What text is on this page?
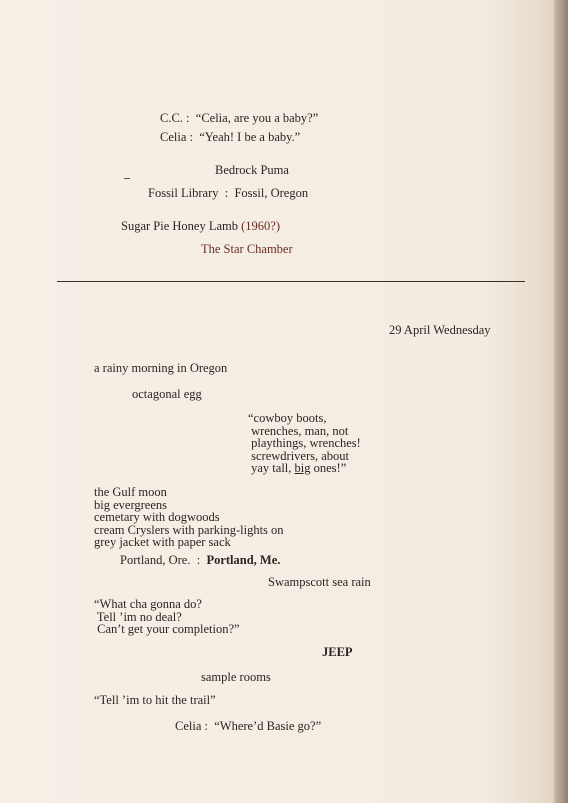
C.C. :  “Celia, are you a baby?”
Celia :  “Yeah! I be a baby.”
Bedrock Puma
Fossil Library  :  Fossil, Oregon
Sugar Pie Honey Lamb (1960?)
The Star Chamber
29 April Wednesday
a rainy morning in Oregon
octagonal egg
“cowboy boots,
wrenches, man, not
playthings, wrenches!
screwdrivers, about
yay tall, big ones!”
the Gulf moon
big evergreens
cemetary with dogwoods
cream Cryslers with parking-lights on
grey jacket with paper sack
Portland, Ore.  :  Portland, Me.
Swampscott sea rain
“What cha gonna do?
Tell ’im no deal?
Can’t get your completion?”
JEEP
sample rooms
“Tell ’im to hit the trail”
Celia :  “Where’d Basie go?”
